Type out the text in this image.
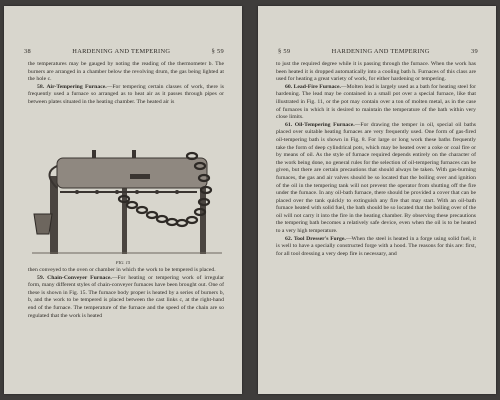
38	HARDENING AND TEMPERING	§ 59

the temperatures may be gauged by noting the reading of the thermometer b. The burners are arranged in a chamber below the revolving drum, the gas being lighted at the hole c.

58. Air-Tempering Furnace.—For tempering certain classes of work, there is frequently used a furnace so arranged as to heat air as it passes through pipes or between plates situated in the heating chamber. The heated air is

FIG. 15

then conveyed to the oven or chamber in which the work to be tempered is placed.

59. Chain-Conveyer Furnace.—For heating or tempering work of irregular form, many different styles of chain-conveyer furnaces have been brought out. One of these is shown in Fig. 15. The furnace body proper is heated by a series of burners b, b, and the work to be tempered is placed between the cast links c, at the right-hand end of the furnace. The temperature of the furnace and the speed of the chain are so regulated that the work is heated

§ 59	HARDENING AND TEMPERING	39

to just the required degree while it is passing through the furnace. When the work has been heated it is dropped automatically into a cooling bath h. Furnaces of this class are used for heating a great variety of work, for either hardening or tempering.

60. Lead-Fire Furnace.—Molten lead is largely used as a bath for heating steel for hardening. The lead may be contained in a small pot over a special furnace, like that illustrated in Fig. 11, or the pot may contain over a ton of molten metal, as in the case of furnaces in which it is desired to maintain the temperature of the bath within very close limits.

61. Oil-Tempering Furnace.—For drawing the temper in oil, special oil baths placed over suitable heating furnaces are very frequently used. One form of gas-fired oil-tempering bath is shown in Fig. 8. For large or long work these baths frequently take the form of deep cylindrical pots, which may be heated over a coke or coal fire or by means of oil. As the style of furnace required depends entirely on the character of the work being done, no general rules for the selection of oil-tempering furnaces can be given, but there are certain precautions that should always be taken. With gas-burning furnaces, the gas and air valves should be so located that the boiling over and ignition of the oil in the tempering tank will not prevent the operator from shutting off the fire under the furnace. In any oil-bath furnace, there should be provided a cover that can be placed over the tank quickly to extinguish any fire that may start. With an oil-bath furnace heated with solid fuel, the bath should be so located that the boiling over of the oil will not carry it into the fire in the heating chamber. By observing these precautions the tempering bath becomes a relatively safe device, even when the oil is to be heated to a very high temperature.

62. Tool Dresser's Forge.—When the steel is heated in a forge using solid fuel, it is well to have a specially constructed forge with a hood. The reasons for this are: first, for all tool dressing a very deep fire is necessary, and
